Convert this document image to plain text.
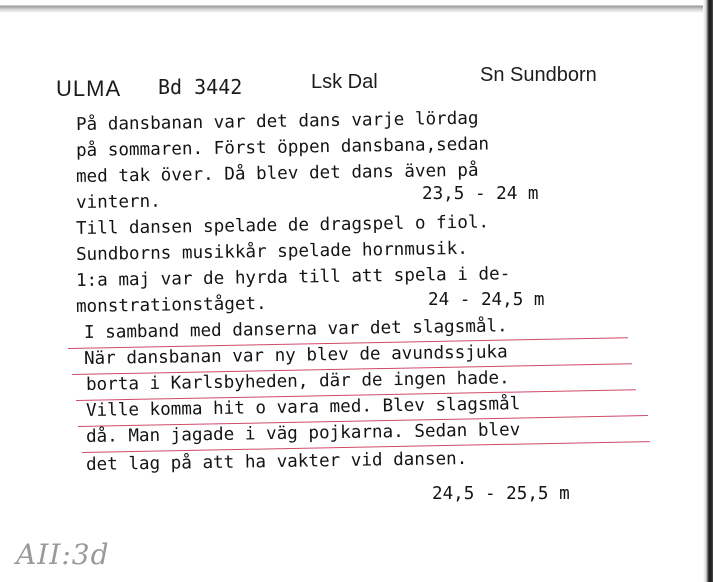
ULMA Bd 3442	Lsk Dal	Sn Sundborn
På dansbanan var det dans varje lördag
på sommaren. Först öppen dansbana,sedan
med tak över. Då blev det dans även på
vintern.	23,5 - 24 m
Till dansen spelade de dragspel o fiol.
Sundborns musikkår spelade hornmusik.
1:a maj var de hyrda till att spela i de-
monstrationståget.	24 - 24,5 m
I samband med danserna var det slagsmål.
När dansbanan var ny blev de avundssjuka
borta i Karlsbyheden, där de ingen hade.
Ville komma hit o vara med. Blev slagsmål
då. Man jagade i väg pojkarna. Sedan blev
det lag på att ha vakter vid dansen.
24,5 - 25,5 m
AII:3d
